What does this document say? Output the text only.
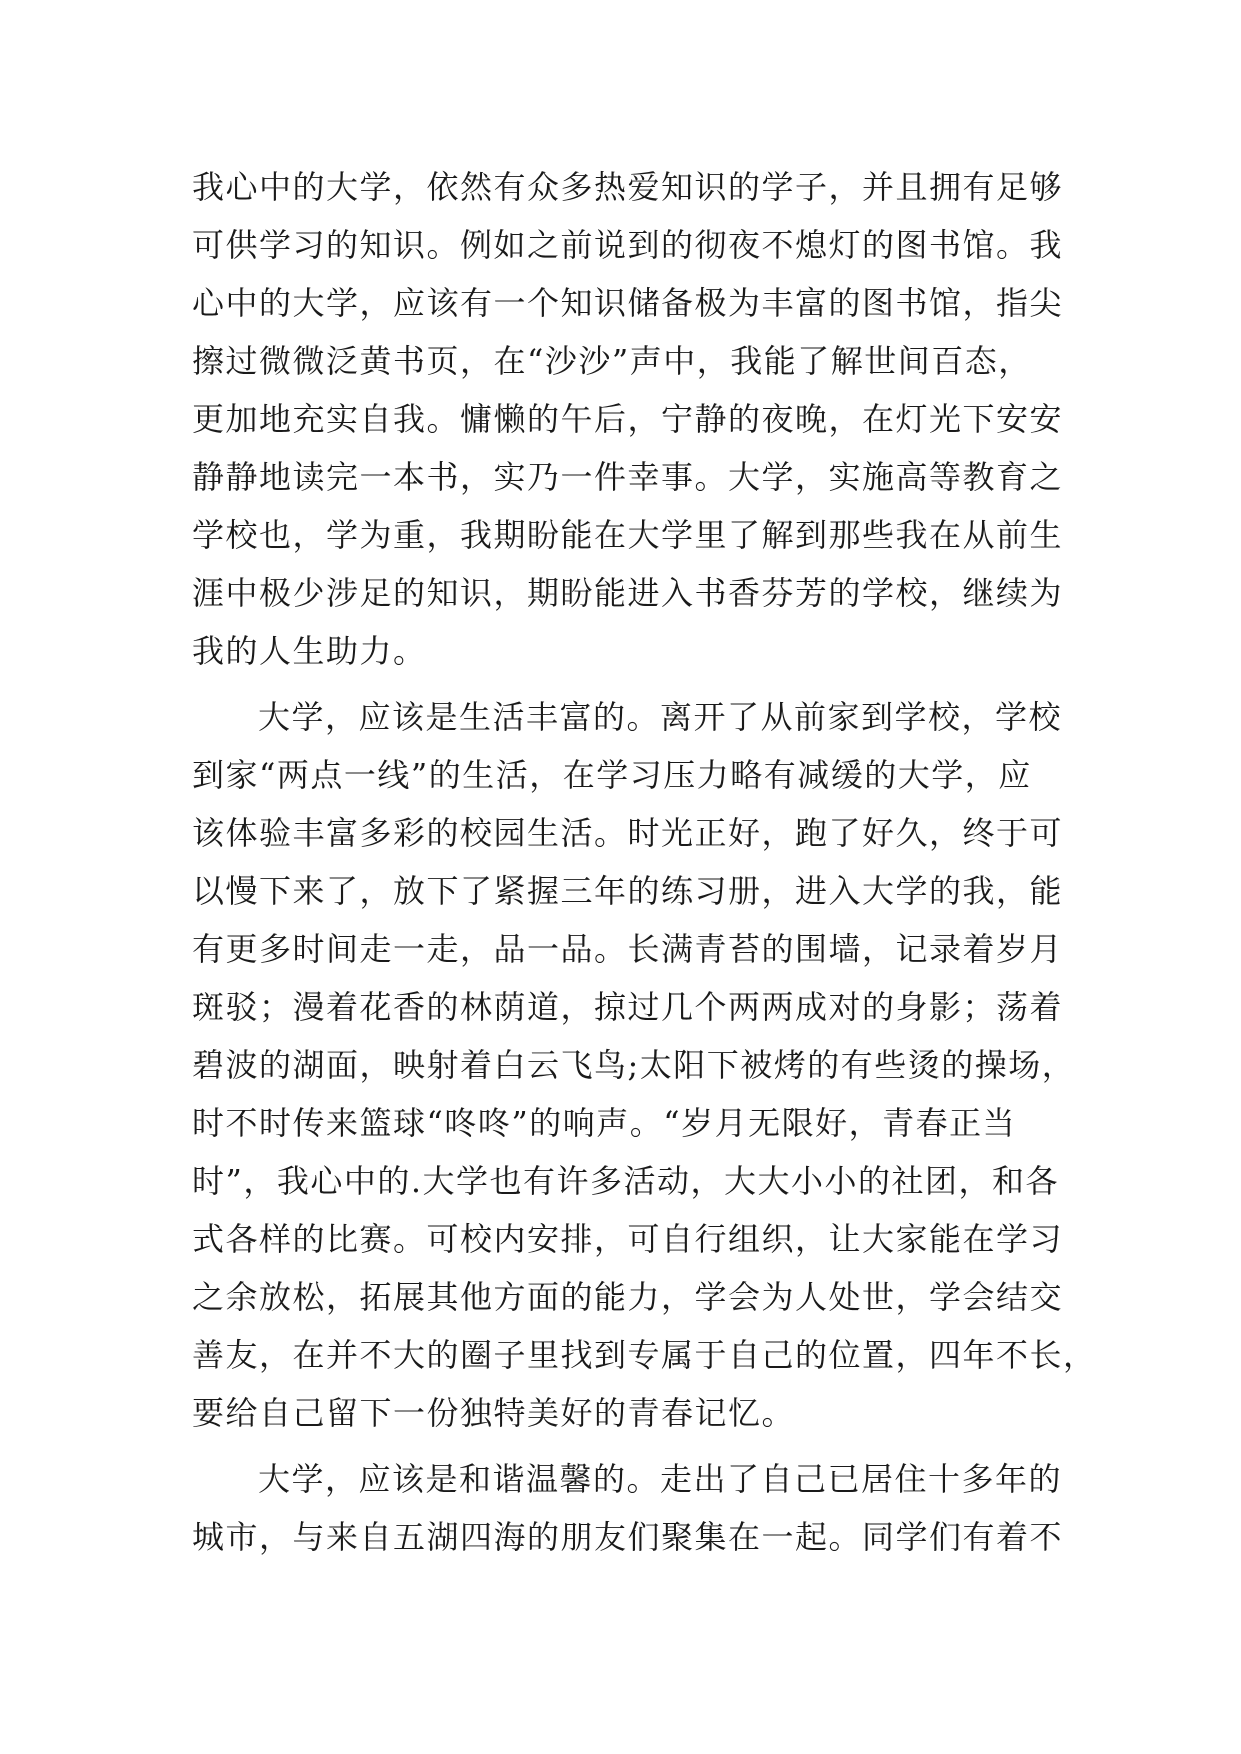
我心中的大学，依然有众多热爱知识的学子，并且拥有足够
可供学习的知识。例如之前说到的彻夜不熄灯的图书馆。我
心中的大学，应该有一个知识储备极为丰富的图书馆，指尖
擦过微微泛黄书页，在“沙沙”声中，我能了解世间百态，
更加地充实自我。慵懒的午后，宁静的夜晚，在灯光下安安
静静地读完一本书，实乃一件幸事。大学，实施高等教育之
学校也，学为重，我期盼能在大学里了解到那些我在从前生
涯中极少涉足的知识，期盼能进入书香芬芳的学校，继续为
我的人生助力。
大学，应该是生活丰富的。离开了从前家到学校，学校
到家“两点一线”的生活，在学习压力略有减缓的大学，应
该体验丰富多彩的校园生活。时光正好，跑了好久，终于可
以慢下来了，放下了紧握三年的练习册，进入大学的我，能
有更多时间走一走，品一品。长满青苔的围墙，记录着岁月
斑驳；漫着花香的林荫道，掠过几个两两成对的身影；荡着
碧波的湖面，映射着白云飞鸟;太阳下被烤的有些烫的操场，
时不时传来篮球“咚咚”的响声。“岁月无限好，青春正当
时”，我心中的.大学也有许多活动，大大小小的社团，和各
式各样的比赛。可校内安排，可自行组织，让大家能在学习
之余放松，拓展其他方面的能力，学会为人处世，学会结交
善友，在并不大的圈子里找到专属于自己的位置，四年不长，
要给自己留下一份独特美好的青春记忆。
大学，应该是和谐温馨的。走出了自己已居住十多年的
城市，与来自五湖四海的朋友们聚集在一起。同学们有着不
